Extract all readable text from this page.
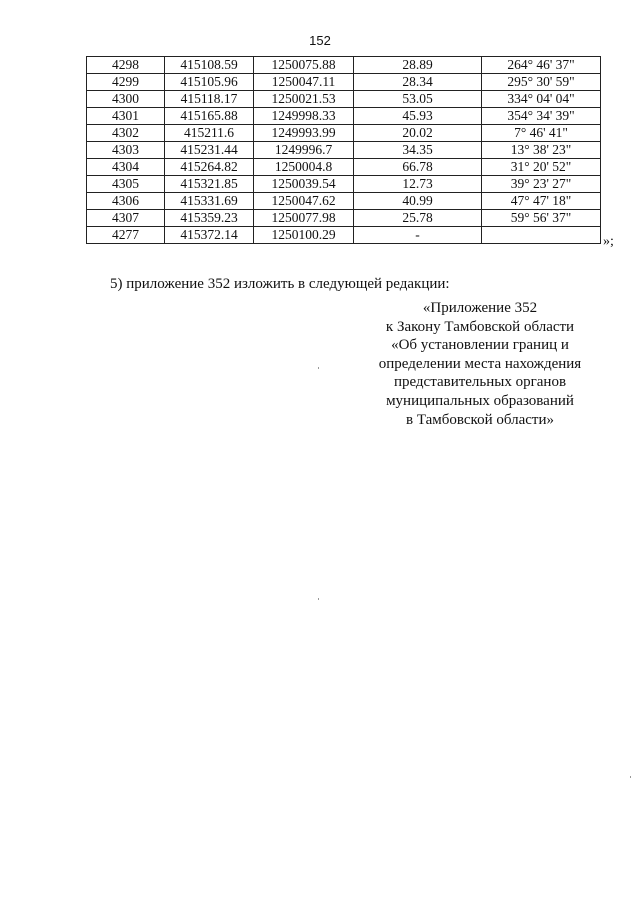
152
4298	415108.59	1250075.88	28.89	264° 46' 37"
4299	415105.96	1250047.11	28.34	295° 30' 59"
4300	415118.17	1250021.53	53.05	334° 04' 04"
4301	415165.88	1249998.33	45.93	354° 34' 39"
4302	415211.6	1249993.99	20.02	7° 46' 41"
4303	415231.44	1249996.7	34.35	13° 38' 23"
4304	415264.82	1250004.8	66.78	31° 20' 52"
4305	415321.85	1250039.54	12.73	39° 23' 27"
4306	415331.69	1250047.62	40.99	47° 47' 18"
4307	415359.23	1250077.98	25.78	59° 56' 37"
4277	415372.14	1250100.29	-		»;
5) приложение 352 изложить в следующей редакции:
«Приложение 352
к Закону Тамбовской области
«Об установлении границ и
определении места нахождения
представительных органов
муниципальных образований
в Тамбовской области»
